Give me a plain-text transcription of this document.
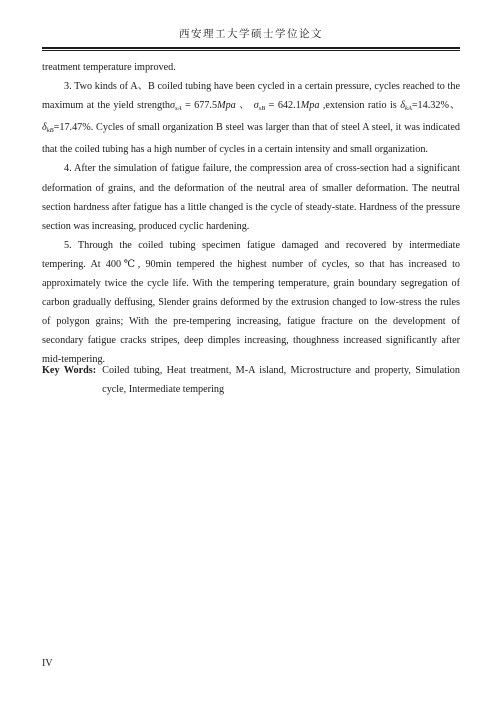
西安理工大学硕士学位论文

treatment temperature improved.

3. Two kinds of A、B coiled tubing have been cycled in a certain pressure, cycles reached to the maximum at the yield strengthσ$_{sA}$ = 677.5Mpa 、 $\sigma_{sB} = 642.1Mpa$ ,extension ratio is $\delta_{kA}=14.32\%$、$\delta_{kB}=17.47\%$. Cycles of small organization B steel was larger than that of steel A steel, it was indicated that the coiled tubing has a high number of cycles in a certain intensity and small organization.

4. After the simulation of fatigue failure, the compression area of cross-section had a significant deformation of grains, and the deformation of the neutral area of smaller deformation. The neutral section hardness after fatigue has a little changed is the cycle of steady-state. Hardness of the pressure section was increasing, produced cyclic hardening.

5. Through the coiled tubing specimen fatigue damaged and recovered by intermediate tempering. At 400℃, 90min tempered the highest number of cycles, so that has increased to approximately twice the cycle life. With the tempering temperature, grain boundary segregation of carbon gradually deffusing, Slender grains deformed by the extrusion changed to low-stress the rules of polygon grains; With the pre-tempering increasing, fatigue fracture on the development of secondary fatigue cracks stripes, deep dimples increasing, thoughness increased significantly after mid-tempering.

Key Words: Coiled tubing, Heat treatment, M-A island, Microstructure and property, Simulation cycle, Intermediate tempering
IV
